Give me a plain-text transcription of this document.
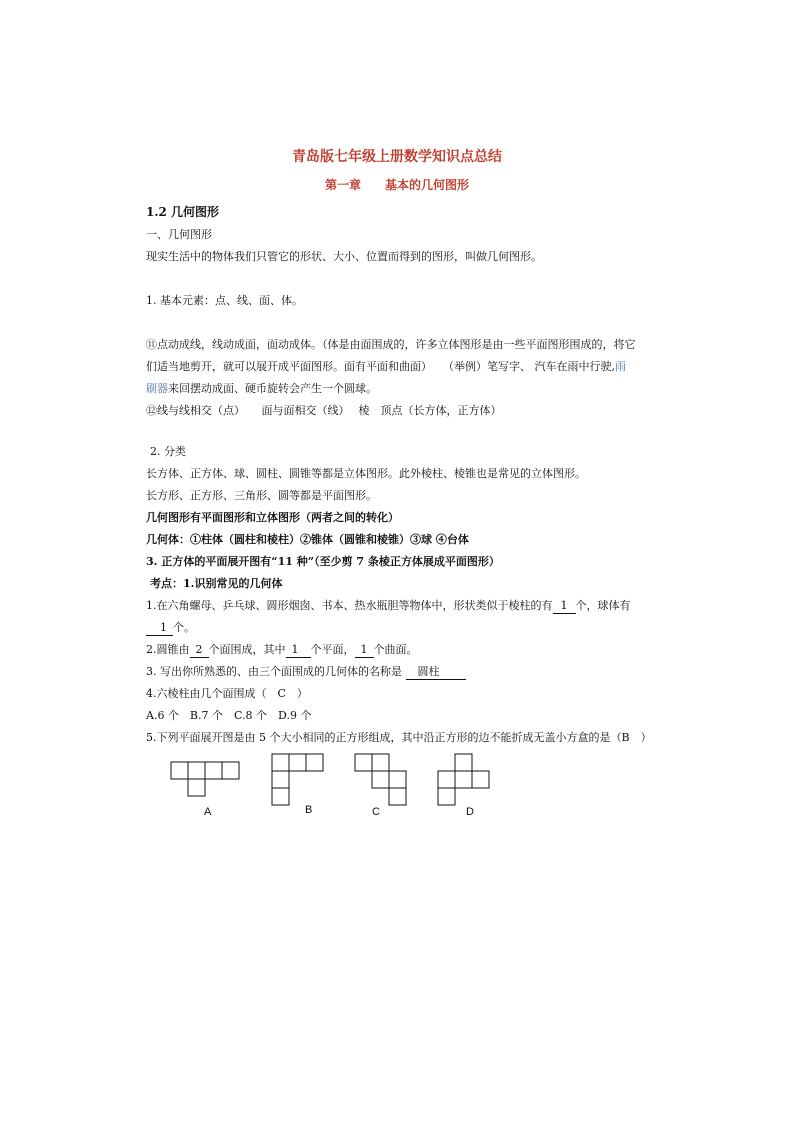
青岛版七年级上册数学知识点总结
第一章 基本的几何图形
1.2 几何图形
一、几何图形
现实生活中的物体我们只管它的形状、大小、位置而得到的图形，叫做几何图形。
1. 基本元素：点、线、面、体。
⑪点动成线，线动成面，面动成体。（体是由面围成的，许多立体图形是由一些平面图形围成的，将它
们适当地剪开，就可以展开成平面图形。面有平面和曲面）　　（举例）笔写字、 汽车在雨中行驶,雨
刷器来回摆动成面、硬币旋转会产生一个圆球。
⑫线与线相交（点）　　面与面相交（线）　 棱　顶点（长方体，正方体）
2. 分类
长方体、正方体、球、圆柱、圆锥等都是立体图形。此外棱柱、棱锥也是常见的立体图形。
长方形、正方形、三角形、圆等都是平面图形。
几何图形有平面图形和立体图形（两者之间的转化）
几何体：①柱体（圆柱和棱柱）②锥体（圆锥和棱锥）③球 ④台体
3. 正方体的平面展开图有“11 种”（至少剪 7 条棱正方体展成平面图形）
考点：1.识别常见的几何体
1.在六角螺母、乒乓球、圆形烟囱、书本、热水瓶胆等物体中，形状类似于棱柱的有 1 个，球体有
1 个。
2.圆锥由 2 个面围成，其中 1 个平面， 1 个曲面。
3. 写出你所熟悉的、由三个面围成的几何体的名称是 圆柱
4.六棱柱由几个面围成（　C　）
A.6 个　B.7 个　C.8 个　D.9 个
5.下列平面展开图是由 5 个大小相同的正方形组成，其中沿正方形的边不能折成无盖小方盒的是（B　）
A	B	C	D
